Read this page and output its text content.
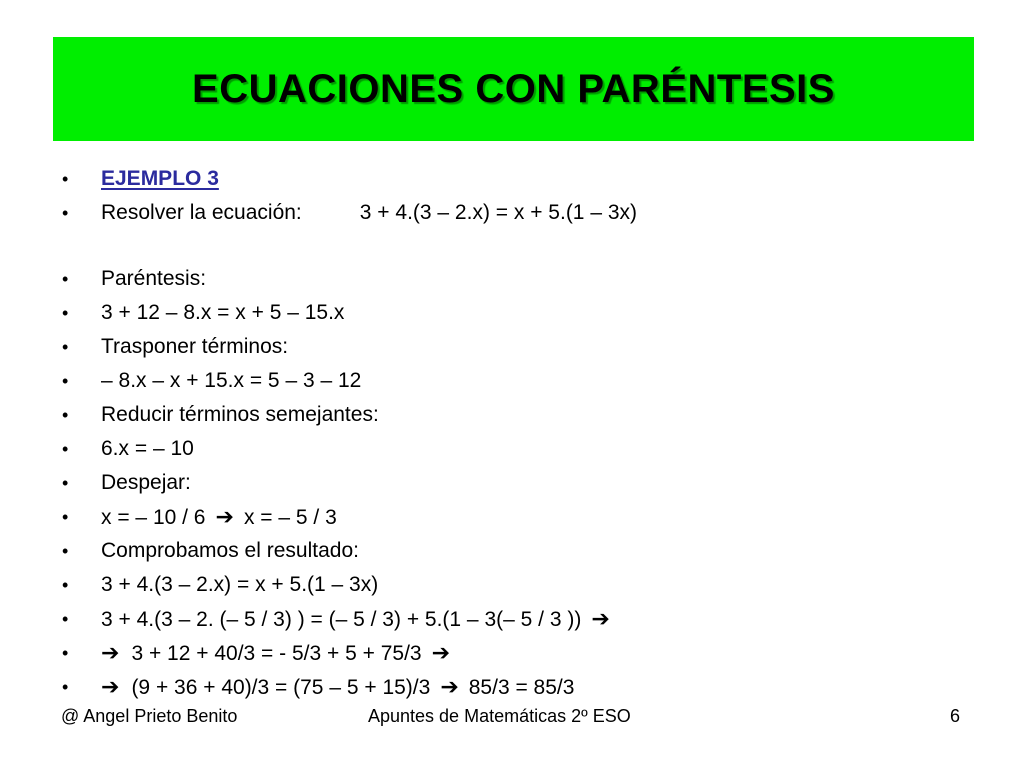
ECUACIONES CON PARÉNTESIS
•	EJEMPLO 3
•	Resolver la ecuación:	3 + 4.(3 – 2.x) = x + 5.(1 – 3x)
•	Paréntesis:
•	3 + 12 – 8.x = x + 5 – 15.x
•	Trasponer términos:
•	– 8.x – x + 15.x = 5 – 3 – 12
•	Reducir términos semejantes:
•	6.x = – 10
•	Despejar:
•	x = – 10 / 6 ➔ x = – 5 / 3
•	Comprobamos el resultado:
•	3 + 4.(3 – 2.x) = x + 5.(1 – 3x)
•	3 + 4.(3 – 2. (– 5 / 3) ) = (– 5 / 3) + 5.(1 – 3(– 5 / 3 )) ➔
•	➔ 3 + 12 + 40/3 = - 5/3 + 5 + 75/3 ➔
•	➔ (9 + 36 + 40)/3 = (75 – 5 + 15)/3 ➔ 85/3 = 85/3
@ Angel Prieto Benito	Apuntes de Matemáticas 2º ESO	6
